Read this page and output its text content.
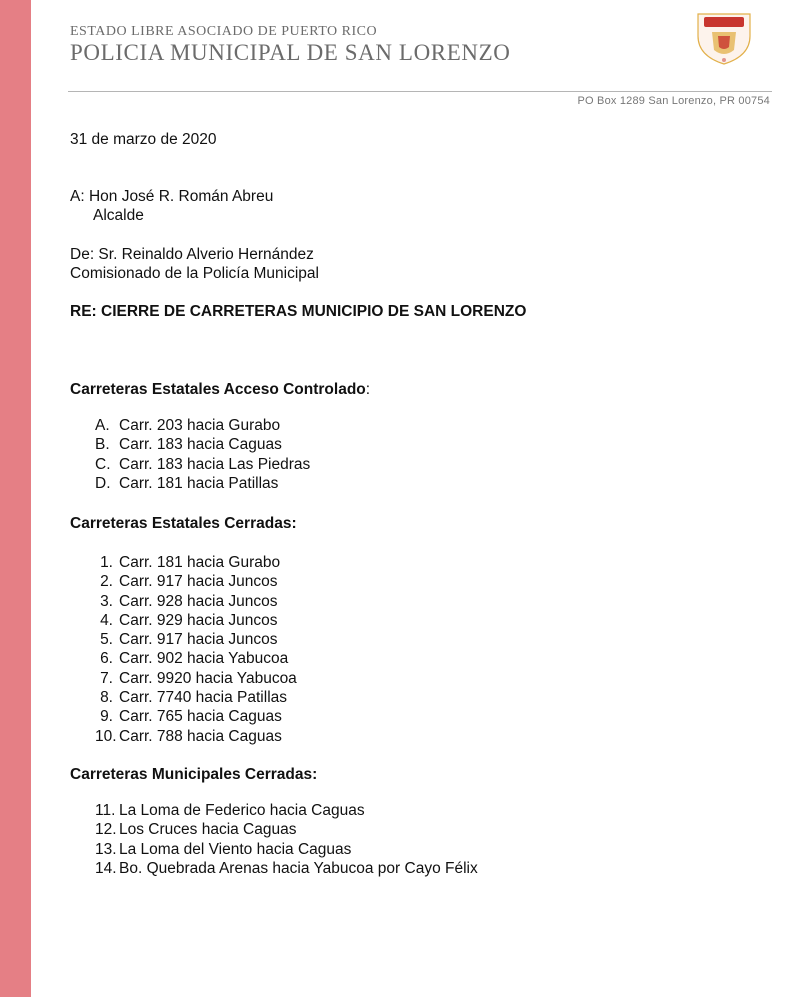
ESTADO LIBRE ASOCIADO DE PUERTO RICO
POLICIA MUNICIPAL DE SAN LORENZO
PO Box 1289 San Lorenzo, PR 00754
31 de marzo de 2020
A: Hon José R. Román Abreu
Alcalde
De: Sr. Reinaldo Alverio Hernández
Comisionado de la Policía Municipal
RE: CIERRE DE CARRETERAS MUNICIPIO DE SAN LORENZO
Carreteras Estatales Acceso Controlado:
A. Carr. 203 hacia Gurabo
B. Carr. 183 hacia Caguas
C. Carr. 183 hacia Las Piedras
D. Carr. 181 hacia Patillas
Carreteras Estatales Cerradas:
1. Carr. 181 hacia Gurabo
2. Carr. 917 hacia Juncos
3. Carr. 928 hacia Juncos
4. Carr. 929 hacia Juncos
5. Carr. 917 hacia Juncos
6. Carr. 902 hacia Yabucoa
7. Carr. 9920 hacia Yabucoa
8. Carr. 7740 hacia Patillas
9. Carr. 765 hacia Caguas
10. Carr. 788 hacia Caguas
Carreteras Municipales Cerradas:
11. La Loma de Federico hacia Caguas
12. Los Cruces hacia Caguas
13. La Loma del Viento hacia Caguas
14. Bo. Quebrada Arenas hacia Yabucoa por Cayo Félix
